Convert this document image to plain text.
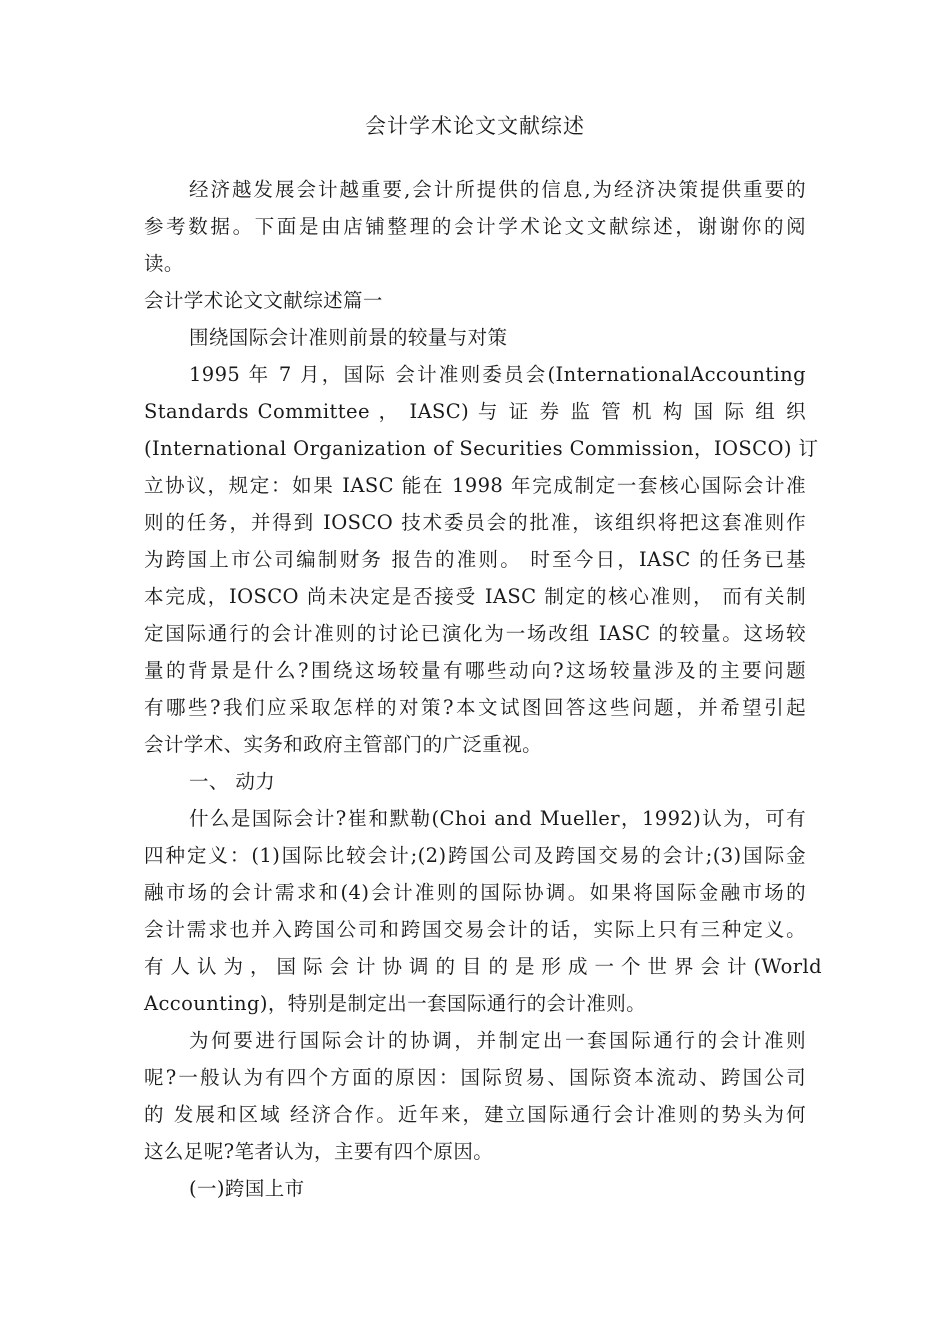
会计学术论文文献综述
经济越发展会计越重要,会计所提供的信息,为经济决策提供重要的
参考数据。下面是由店铺整理的会计学术论文文献综述，谢谢你的阅
读。
会计学术论文文献综述篇一
围绕国际会计准则前景的较量与对策
1995 年 7 月，国际 会计准则委员会(InternationalAccounting
Standards Committee ， IASC) 与 证 券 监 管 机 构 国 际 组 织
(International Organization of Securities Commission，IOSCO) 订
立协议，规定：如果 IASC 能在 1998 年完成制定一套核心国际会计准
则的任务，并得到 IOSCO 技术委员会的批准，该组织将把这套准则作
为跨国上市公司编制财务 报告的准则。 时至今日，IASC 的任务已基
本完成，IOSCO 尚未决定是否接受 IASC 制定的核心准则， 而有关制
定国际通行的会计准则的讨论已演化为一场改组 IASC 的较量。这场较
量的背景是什么?围绕这场较量有哪些动向?这场较量涉及的主要问题
有哪些?我们应采取怎样的对策?本文试图回答这些问题，并希望引起
会计学术、实务和政府主管部门的广泛重视。
一、 动力
什么是国际会计?崔和默勒(Choi and Mueller，1992)认为，可有
四种定义：(1)国际比较会计;(2)跨国公司及跨国交易的会计;(3)国际金
融市场的会计需求和(4)会计准则的国际协调。如果将国际金融市场的
会计需求也并入跨国公司和跨国交易会计的话，实际上只有三种定义。
有 人 认 为 ， 国 际 会 计 协 调 的 目 的 是 形 成 一 个 世 界 会 计 (World
Accounting)，特别是制定出一套国际通行的会计准则。
为何要进行国际会计的协调，并制定出一套国际通行的会计准则
呢?一般认为有四个方面的原因：国际贸易、国际资本流动、跨国公司
的 发展和区域 经济合作。近年来，建立国际通行会计准则的势头为何
这么足呢?笔者认为，主要有四个原因。
(一)跨国上市
